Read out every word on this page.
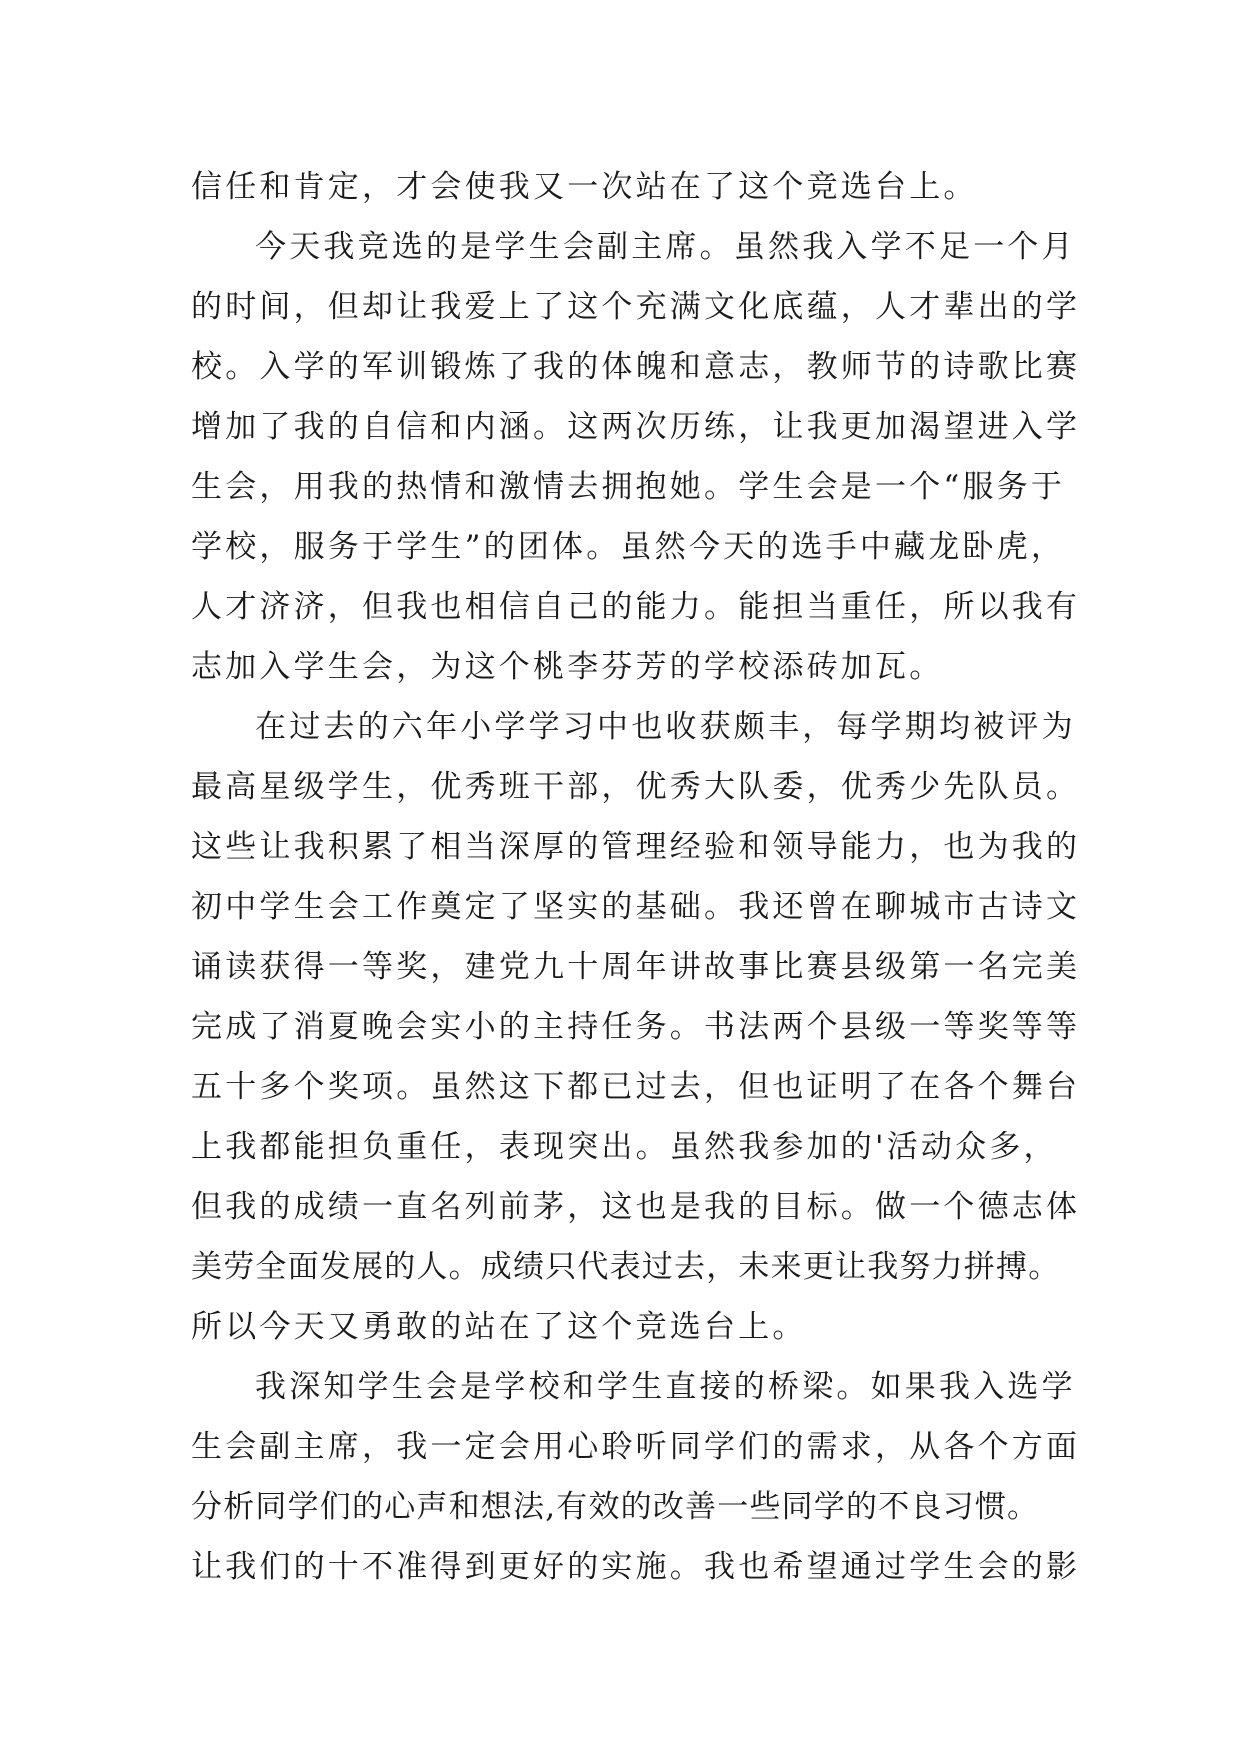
信任和肯定，才会使我又一次站在了这个竞选台上。
今天我竞选的是学生会副主席。虽然我入学不足一个月
的时间，但却让我爱上了这个充满文化底蕴，人才辈出的学
校。入学的军训锻炼了我的体魄和意志，教师节的诗歌比赛
增加了我的自信和内涵。这两次历练，让我更加渴望进入学
生会，用我的热情和激情去拥抱她。学生会是一个“服务于
学校，服务于学生”的团体。虽然今天的选手中藏龙卧虎，
人才济济，但我也相信自己的能力。能担当重任，所以我有
志加入学生会，为这个桃李芬芳的学校添砖加瓦。
在过去的六年小学学习中也收获颇丰，每学期均被评为
最高星级学生，优秀班干部，优秀大队委，优秀少先队员。
这些让我积累了相当深厚的管理经验和领导能力，也为我的
初中学生会工作奠定了坚实的基础。我还曾在聊城市古诗文
诵读获得一等奖，建党九十周年讲故事比赛县级第一名完美
完成了消夏晚会实小的主持任务。书法两个县级一等奖等等
五十多个奖项。虽然这下都已过去，但也证明了在各个舞台
上我都能担负重任，表现突出。虽然我参加的'活动众多，
但我的成绩一直名列前茅，这也是我的目标。做一个德志体
美劳全面发展的人。成绩只代表过去，未来更让我努力拼搏。
所以今天又勇敢的站在了这个竞选台上。
我深知学生会是学校和学生直接的桥梁。如果我入选学
生会副主席，我一定会用心聆听同学们的需求，从各个方面
分析同学们的心声和想法,有效的改善一些同学的不良习惯。
让我们的十不准得到更好的实施。我也希望通过学生会的影
